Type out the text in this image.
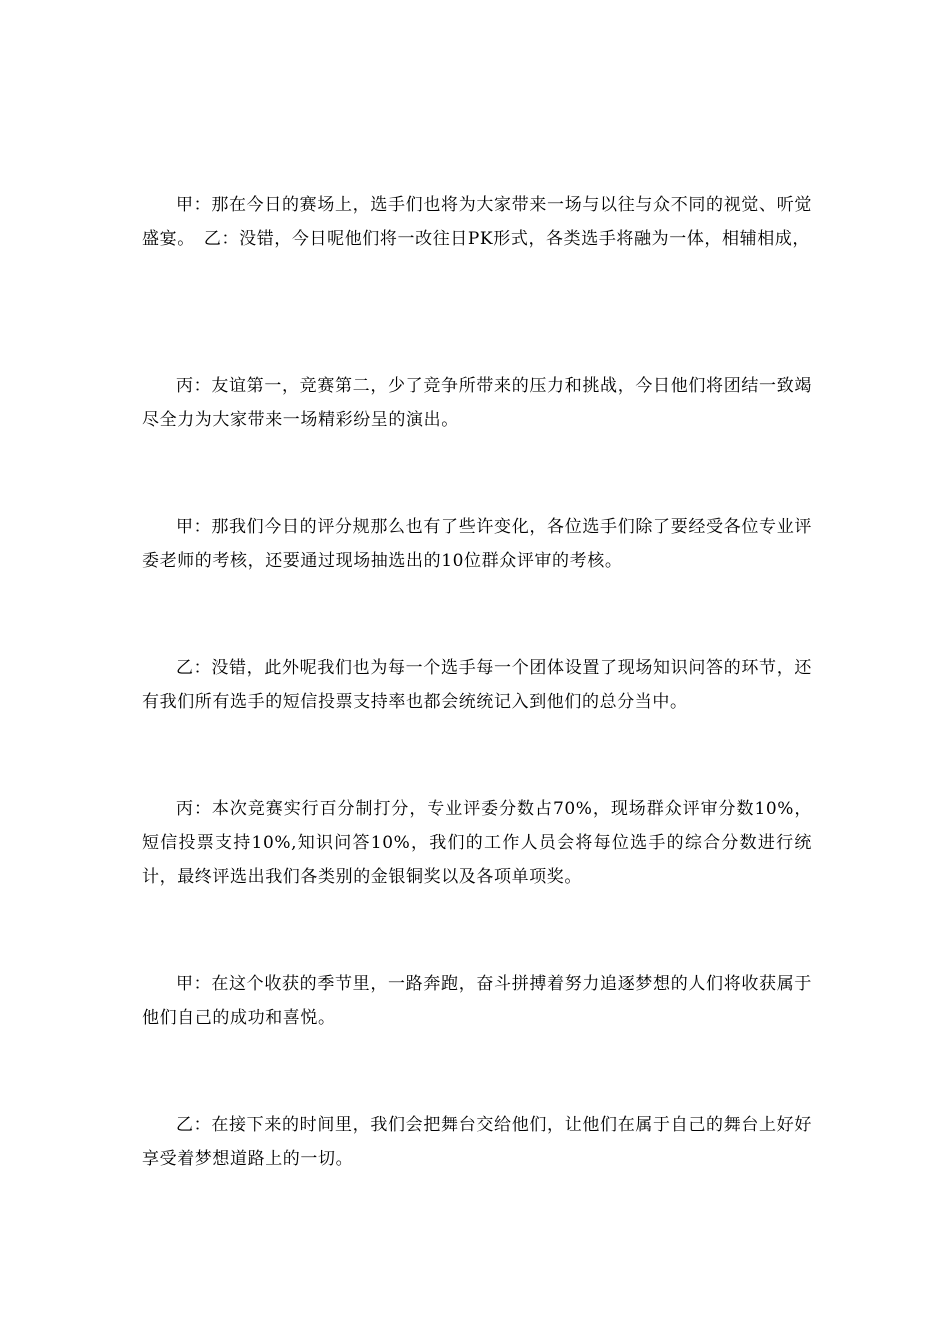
甲：那在今日的赛场上，选手们也将为大家带来一场与以往与众不同的视觉、听觉盛宴。　乙：没错，今日呢他们将一改往日PK形式，各类选手将融为一体，相辅相成，

丙：友谊第一，竞赛第二，少了竞争所带来的压力和挑战，今日他们将团结一致竭尽全力为大家带来一场精彩纷呈的演出。

甲：那我们今日的评分规那么也有了些许变化，各位选手们除了要经受各位专业评委老师的考核，还要通过现场抽选出的10位群众评审的考核。

乙：没错，此外呢我们也为每一个选手每一个团体设置了现场知识问答的环节，还有我们所有选手的短信投票支持率也都会统统记入到他们的总分当中。

丙：本次竞赛实行百分制打分，专业评委分数占70%，现场群众评审分数10%，短信投票支持10%,知识问答10%，我们的工作人员会将每位选手的综合分数进行统计，最终评选出我们各类别的金银铜奖以及各项单项奖。

甲：在这个收获的季节里，一路奔跑，奋斗拼搏着努力追逐梦想的人们将收获属于他们自己的成功和喜悦。

乙：在接下来的时间里，我们会把舞台交给他们，让他们在属于自己的舞台上好好享受着梦想道路上的一切。
